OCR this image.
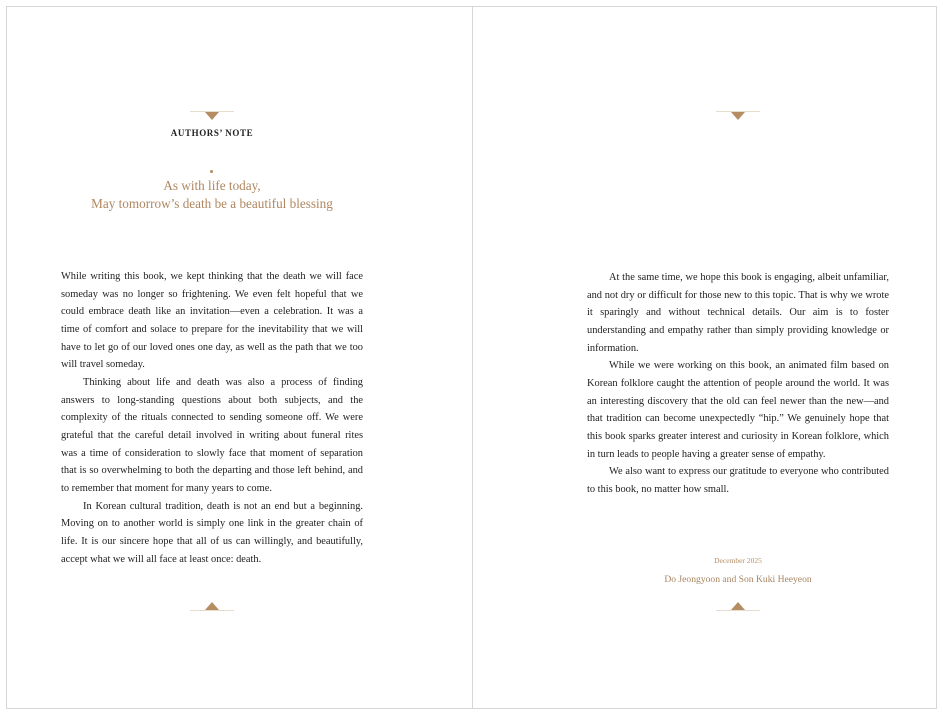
AUTHORS’ NOTE
As with life today,
May tomorrow’s death be a beautiful blessing

While writing this book, we kept thinking that the death we will face someday was no longer so frightening. We even felt hopeful that we could embrace death like an invitation—even a celebration. It was a time of comfort and solace to prepare for the inevitability that we will have to let go of our loved ones one day, as well as the path that we too will travel someday.

Thinking about life and death was also a process of finding answers to long-standing questions about both subjects, and the complexity of the rituals connected to sending someone off. We were grateful that the careful detail involved in writing about funeral rites was a time of consideration to slowly face that moment of separation that is so overwhelming to both the departing and those left behind, and to remember that moment for many years to come.

In Korean cultural tradition, death is not an end but a beginning. Moving on to another world is simply one link in the greater chain of life. It is our sincere hope that all of us can willingly, and beautifully, accept what we will all face at least once: death.

At the same time, we hope this book is engaging, albeit unfamiliar, and not dry or difficult for those new to this topic. That is why we wrote it sparingly and without technical details. Our aim is to foster understanding and empathy rather than simply providing knowledge or information.

While we were working on this book, an animated film based on Korean folklore caught the attention of people around the world. It was an interesting discovery that the old can feel newer than the new—and that tradition can become unexpectedly “hip.” We genuinely hope that this book sparks greater interest and curiosity in Korean folklore, which in turn leads to people having a greater sense of empathy.

We also want to express our gratitude to everyone who contributed to this book, no matter how small.

December 2025
Do Jeongyoon and Son Kuki Heeyeon
